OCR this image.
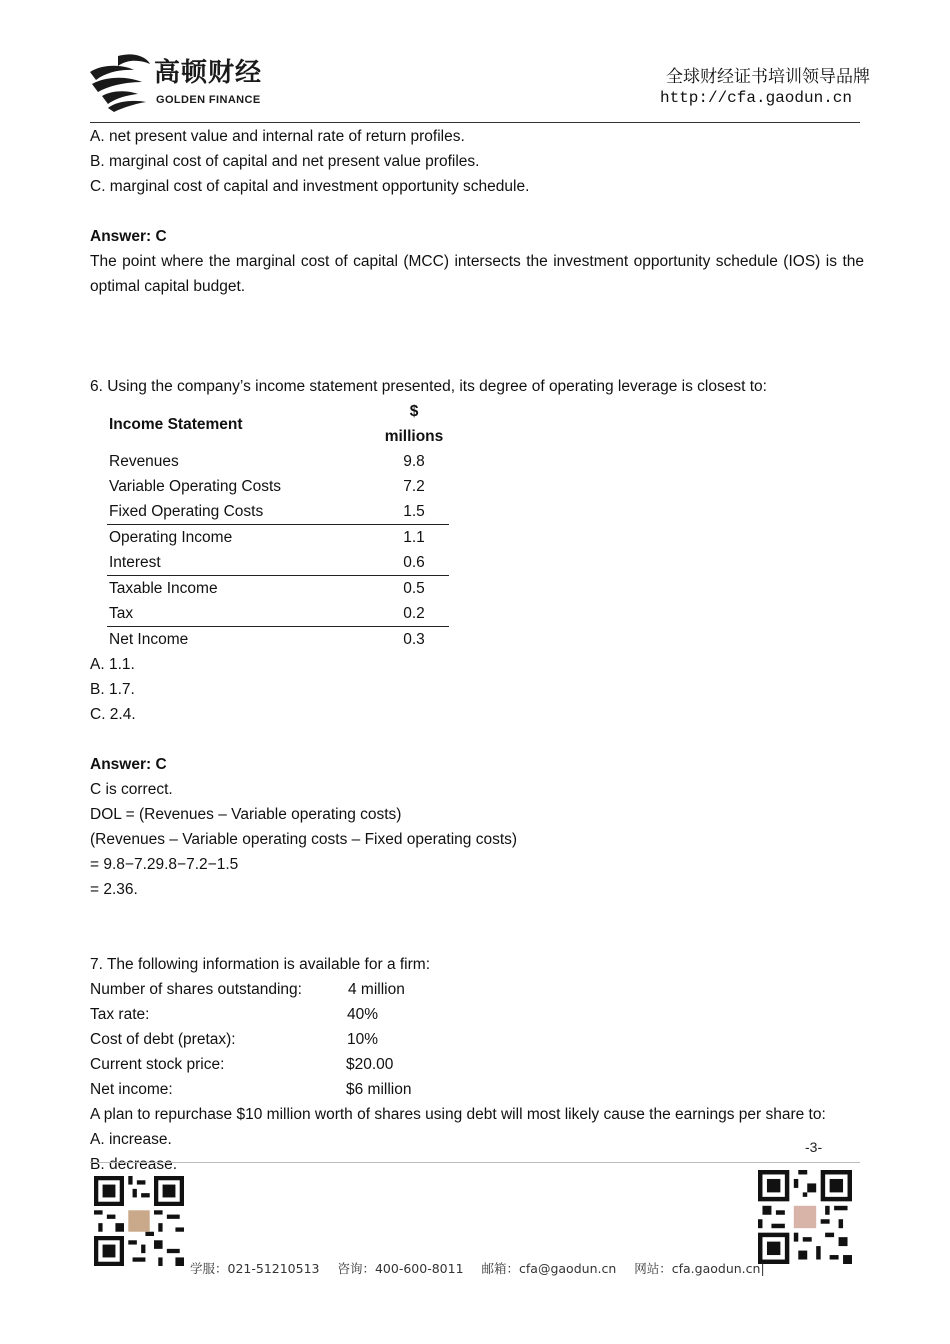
高顿财经
GOLDEN FINANCE
全球财经证书培训领导品牌
http://cfa.gaodun.cn
A. net present value and internal rate of return profiles.
B. marginal cost of capital and net present value profiles.
C. marginal cost of capital and investment opportunity schedule.
Answer: C
The point where the marginal cost of capital (MCC) intersects the investment opportunity schedule (IOS) is the optimal capital budget.
6. Using the company’s income statement presented, its degree of operating leverage is closest to:
Income Statement	$ millions
Revenues	9.8
Variable Operating Costs	7.2
Fixed Operating Costs	1.5
Operating Income	1.1
Interest	0.6
Taxable Income	0.5
Tax	0.2
Net Income	0.3
A. 1.1.
B. 1.7.
C. 2.4.
Answer: C
C is correct.
DOL = (Revenues – Variable operating costs)
(Revenues – Variable operating costs – Fixed operating costs)
= 9.8−7.29.8−7.2−1.5
= 2.36.
7. The following information is available for a firm:
Number of shares outstanding:	4 million
Tax rate:	40%
Cost of debt (pretax):	10%
Current stock price:	$20.00
Net income:	$6 million
A plan to repurchase $10 million worth of shares using debt will most likely cause the earnings per share to:
A. increase.
B. decrease.
-3-
学服：021-51210513 咨询：400-600-8011 邮箱：cfa@gaodun.cn 网站：cfa.gaodun.cn|
